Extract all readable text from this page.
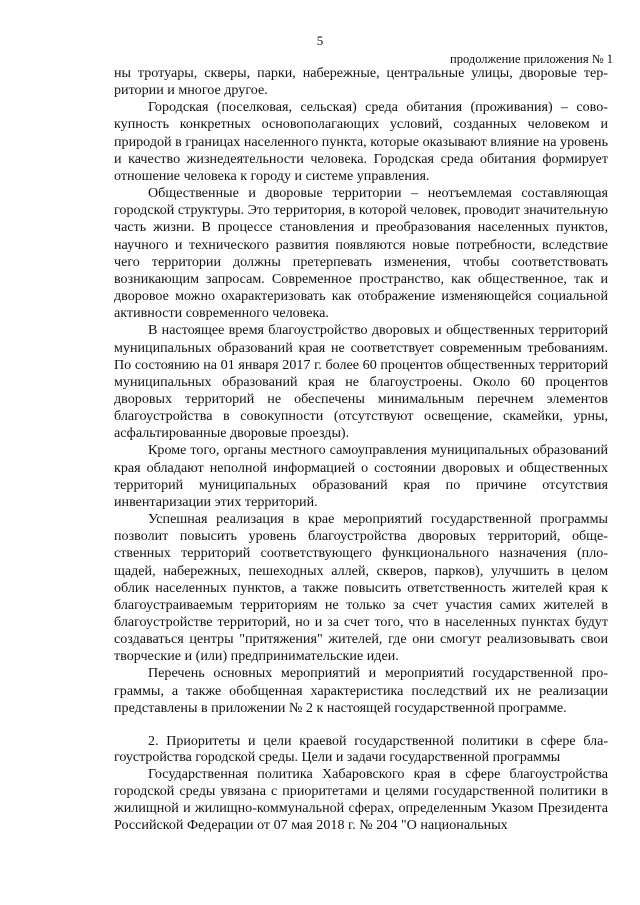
5
продолжение приложения № 1

ны тротуары, скверы, парки, набережные, центральные улицы, дворовые территории и многое другое.

Городская (поселковая, сельская) среда обитания (проживания) – совокупность конкретных основополагающих условий, созданных человеком и природой в границах населенного пункта, которые оказывают влияние на уровень и качество жизнедеятельности человека. Городская среда обитания формирует отношение человека к городу и системе управления.

Общественные и дворовые территории – неотъемлемая составляющая городской структуры. Это территория, в которой человек, проводит значительную часть жизни. В процессе становления и преобразования населенных пунктов, научного и технического развития появляются новые потребности, вследствие чего территории должны претерпевать изменения, чтобы соответствовать возникающим запросам. Современное пространство, как общественное, так и дворовое можно охарактеризовать как отображение изменяющейся социальной активности современного человека.

В настоящее время благоустройство дворовых и общественных территорий муниципальных образований края не соответствует современным требованиям. По состоянию на 01 января 2017 г. более 60 процентов общественных территорий муниципальных образований края не благоустроены. Около 60 процентов дворовых территорий не обеспечены минимальным перечнем элементов благоустройства в совокупности (отсутствуют освещение, скамейки, урны, асфальтированные дворовые проезды).

Кроме того, органы местного самоуправления муниципальных образований края обладают неполной информацией о состоянии дворовых и общественных территорий муниципальных образований края по причине отсутствия инвентаризации этих территорий.

Успешная реализация в крае мероприятий государственной программы позволит повысить уровень благоустройства дворовых территорий, общественных территорий соответствующего функционального назначения (площадей, набережных, пешеходных аллей, скверов, парков), улучшить в целом облик населенных пунктов, а также повысить ответственность жителей края к благоустраиваемым территориям не только за счет участия самих жителей в благоустройстве территорий, но и за счет того, что в населенных пунктах будут создаваться центры "притяжения" жителей, где они смогут реализовывать свои творческие и (или) предпринимательские идеи.

Перечень основных мероприятий и мероприятий государственной программы, а также обобщенная характеристика последствий их не реализации представлены в приложении № 2 к настоящей государственной программе.

2. Приоритеты и цели краевой государственной политики в сфере благоустройства городской среды. Цели и задачи государственной программы

Государственная политика Хабаровского края в сфере благоустройства городской среды увязана с приоритетами и целями государственной политики в жилищной и жилищно-коммунальной сферах, определенным Указом Президента Российской Федерации от 07 мая 2018 г. № 204 "О национальных
